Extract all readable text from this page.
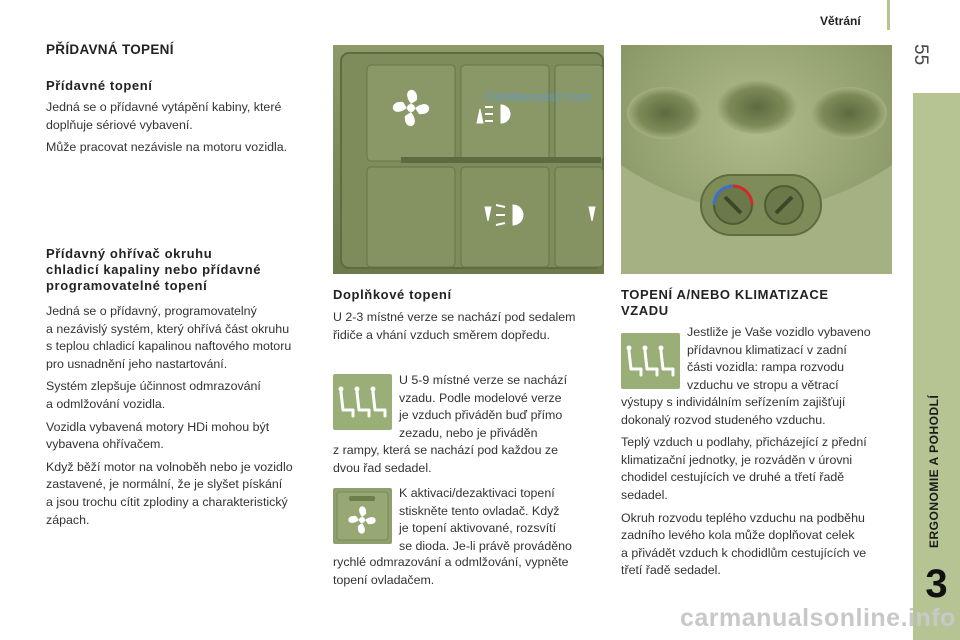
Větrání
55
ERGONOMIE A POHODLÍ
3
PŘÍDAVNÁ TOPENÍ
Přídavné topení
Jedná se o přídavné vytápění kabiny, které
doplňuje sériové vybavení.
Může pracovat nezávisle na motoru vozidla.
Přídavný ohřívač okruhu
chladicí kapaliny nebo přídavné
programovatelné topení
Jedná se o přídavný, programovatelný
a nezávislý systém, který ohřívá část okruhu
s teplou chladicí kapalinou naftového motoru
pro usnadnění jeho nastartování.
Systém zlepšuje účinnost odmrazování
a odmlžování vozidla.
Vozidla vybavená motory HDi mohou být
vybavena ohřívačem.
Když běží motor na volnoběh nebo je vozidlo
zastavené, je normální, že je slyšet pískání
a jsou trochu cítit zplodiny a charakteristický
zápach.
CarManuals2.com
Doplňkové topení
U 2-3 místné verze se nachází pod sedalem
řidiče a vhání vzduch směrem dopředu.
U 5-9 místné verze se nachází
vzadu. Podle modelové verze
je vzduch přiváděn buď přímo
zezadu, nebo je přiváděn
z rampy, která se nachází pod každou ze
dvou řad sedadel.
K aktivaci/dezaktivaci topení
stiskněte tento ovladač. Když
je topení aktivované, rozsvítí
se dioda. Je-li právě prováděno
rychlé odmrazování a odmlžování, vypněte
topení ovladačem.
TOPENÍ A/NEBO KLIMATIZACE
VZADU
Jestliže je Vaše vozidlo vybaveno
přídavnou klimatizací v zadní
části vozidla: rampa rozvodu
vzduchu ve stropu a větrací
výstupy s individálním seřízením zajišťují
dokonalý rozvod studeného vzduchu.
Teplý vzduch u podlahy, přicházející z přední
klimatizační jednotky, je rozváděn v úrovni
chodidel cestujících ve druhé a třetí řadě
sedadel.
Okruh rozvodu teplého vzduchu na podběhu
zadního levého kola může doplňovat celek
a přivádět vzduch k chodidlům cestujících ve
třetí řadě sedadel.
carmanualsonline.info
